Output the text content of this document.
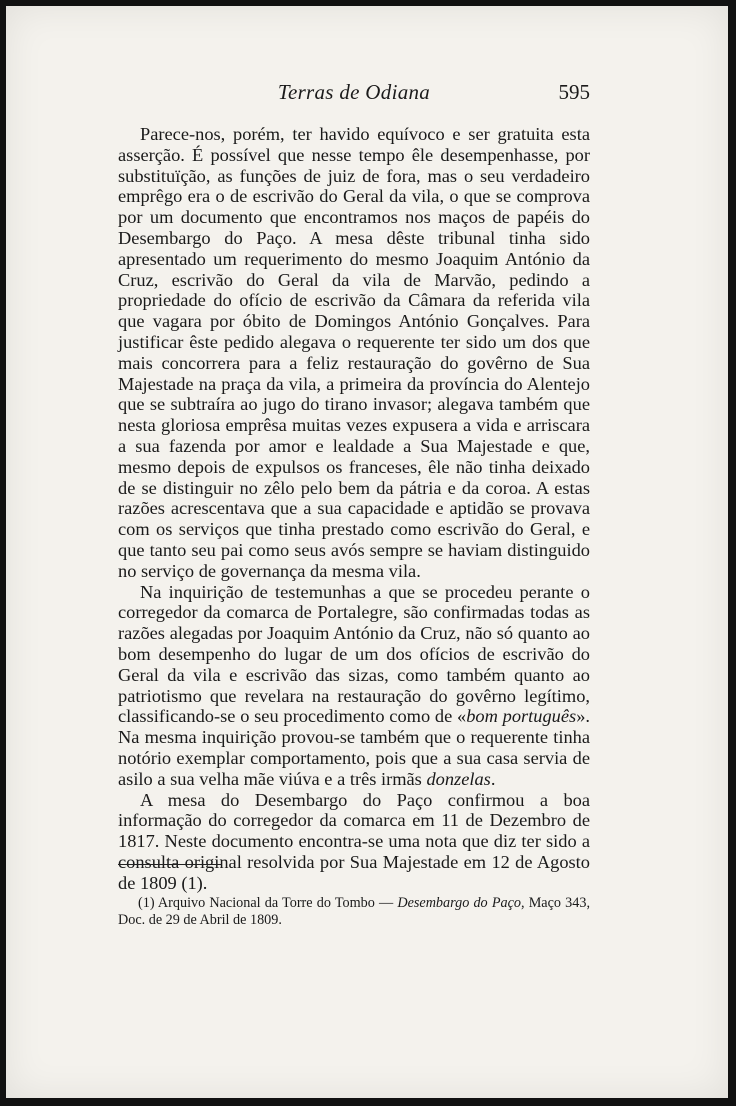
Terras de Odiana	595

Parece-nos, porém, ter havido equívoco e ser gratuita esta asserção. É possível que nesse tempo êle desempenhasse, por substituïção, as funções de juiz de fora, mas o seu verdadeiro emprêgo era o de escrivão do Geral da vila, o que se comprova por um documento que encontramos nos maços de papéis do Desembargo do Paço. A mesa dêste tribunal tinha sido apresentado um requerimento do mesmo Joaquim António da Cruz, escrivão do Geral da vila de Marvão, pedindo a propriedade do ofício de escrivão da Câmara da referida vila que vagara por óbito de Domingos António Gonçalves. Para justificar êste pedido alegava o requerente ter sido um dos que mais concorrera para a feliz restauração do govêrno de Sua Majestade na praça da vila, a primeira da província do Alentejo que se subtraíra ao jugo do tirano invasor; alegava também que nesta gloriosa emprêsa muitas vezes expusera a vida e arriscara a sua fazenda por amor e lealdade a Sua Majestade e que, mesmo depois de expulsos os franceses, êle não tinha deixado de se distinguir no zêlo pelo bem da pátria e da coroa. A estas razões acrescentava que a sua capacidade e aptidão se provava com os serviços que tinha prestado como escrivão do Geral, e que tanto seu pai como seus avós sempre se haviam distinguido no serviço de governança da mesma vila.

Na inquirição de testemunhas a que se procedeu perante o corregedor da comarca de Portalegre, são confirmadas todas as razões alegadas por Joaquim António da Cruz, não só quanto ao bom desempenho do lugar de um dos ofícios de escrivão do Geral da vila e escrivão das sizas, como também quanto ao patriotismo que revelara na restauração do govêrno legítimo, classificando-se o seu procedimento como de «bom português». Na mesma inquirição provou-se também que o requerente tinha notório exemplar comportamento, pois que a sua casa servia de asilo a sua velha mãe viúva e a três irmãs donzelas.

A mesa do Desembargo do Paço confirmou a boa informação do corregedor da comarca em 11 de Dezembro de 1817. Neste documento encontra-se uma nota que diz ter sido a consulta original resolvida por Sua Majestade em 12 de Agosto de 1809 (1).

(1) Arquivo Nacional da Torre do Tombo — Desembargo do Paço, Maço 343, Doc. de 29 de Abril de 1809.
